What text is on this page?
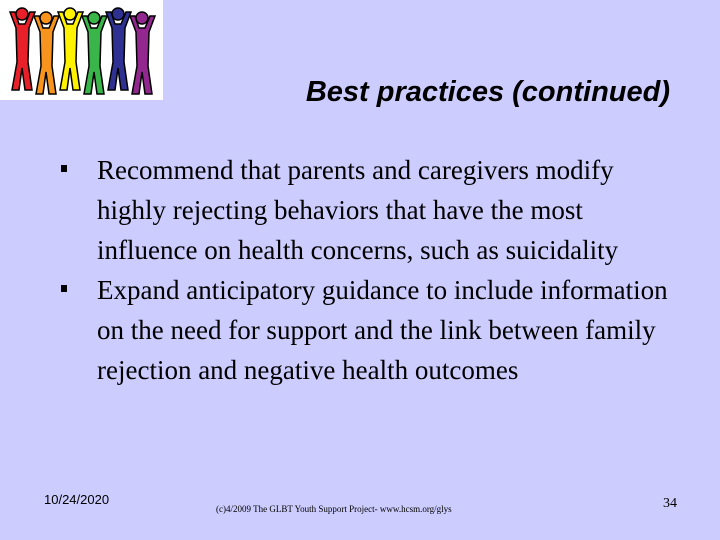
Best practices (continued)
Recommend that parents and caregivers modify highly rejecting behaviors that have the most influence on health concerns, such as suicidality
Expand anticipatory guidance to include information on the need for support and the link between family rejection and negative health outcomes
10/24/2020
(c)4/2009 The GLBT Youth Support Project- www.hcsm.org/glys	34
